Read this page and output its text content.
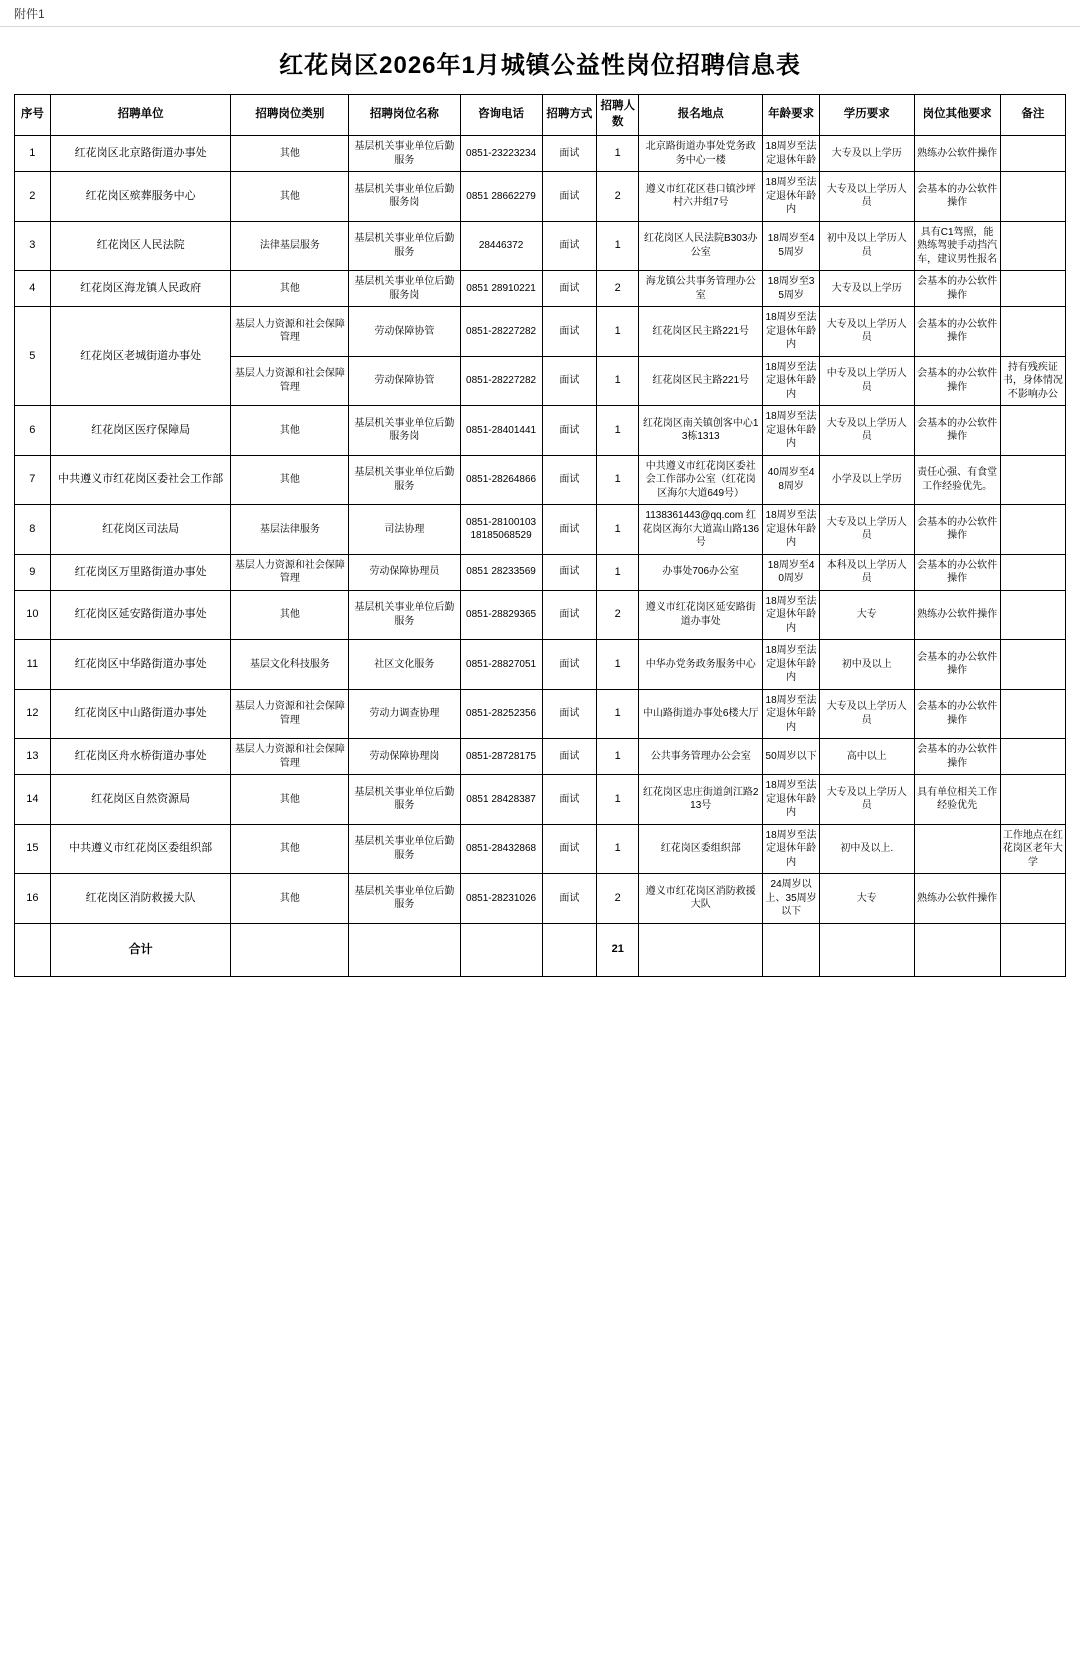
附件1
红花岗区2026年1月城镇公益性岗位招聘信息表
序号	招聘单位	招聘岗位类别	招聘岗位名称	咨询电话	招聘方式	招聘人数	报名地点	年龄要求	学历要求	岗位其他要求	备注
1	红花岗区北京路街道办事处	其他	基层机关事业单位后勤服务	0851-23223234	面试	1	北京路街道办事处党务政务中心一楼	18周岁至法定退休年龄	大专及以上学历	熟练办公软件操作	
2	红花岗区殡葬服务中心	其他	基层机关事业单位后勤服务岗	0851 28662279	面试	2	遵义市红花区巷口镇沙坪村六井组7号	18周岁至法定退休年龄内	大专及以上学历人员	会基本的办公软件操作	
3	红花岗区人民法院	法律基层服务	基层机关事业单位后勤服务	28446372	面试	1	红花岗区人民法院B303办公室	18周岁至45周岁	初中及以上学历人员	具有C1驾照，能熟练驾驶手动挡汽车，建议男性报名	
4	红花岗区海龙镇人民政府	其他	基层机关事业单位后勤服务岗	0851 28910221	面试	2	海龙镇公共事务管理办公室	18周岁至35周岁	大专及以上学历	会基本的办公软件操作	
5	红花岗区老城街道办事处	基层人力资源和社会保障管理	劳动保障协管	0851-28227282	面试	1	红花岗区民主路221号	18周岁至法定退休年龄内	大专及以上学历人员	会基本的办公软件操作	
		基层人力资源和社会保障管理	劳动保障协管	0851-28227282	面试	1	红花岗区民主路221号	18周岁至法定退休年龄内	中专及以上学历人员	会基本的办公软件操作	持有残疾证书，身体情况不影响办公
6	红花岗区医疗保障局	其他	基层机关事业单位后勤服务岗	0851-28401441	面试	1	红花岗区南关镇创客中心13栋1313	18周岁至法定退休年龄内	大专及以上学历人员	会基本的办公软件操作	
7	中共遵义市红花岗区委社会工作部	其他	基层机关事业单位后勤服务	0851-28264866	面试	1	中共遵义市红花岗区委社会工作部办公室（红花岗区海尔大道649号）	40周岁至48周岁	小学及以上学历	责任心强、有食堂工作经验优先。	
8	红花岗区司法局	基层法律服务	司法协理	0851-28100103 18185068529	面试	1	1138361443@qq.com 红花岗区海尔大道嵩山路136号	18周岁至法定退休年龄内	大专及以上学历人员	会基本的办公软件操作	
9	红花岗区万里路街道办事处	基层人力资源和社会保障管理	劳动保障协理员	0851 28233569	面试	1	办事处706办公室	18周岁至40周岁	本科及以上学历人员	会基本的办公软件操作	
10	红花岗区延安路街道办事处	其他	基层机关事业单位后勤服务	0851-28829365	面试	2	遵义市红花岗区延安路街道办事处	18周岁至法定退休年龄内	大专	熟练办公软件操作	
11	红花岗区中华路街道办事处	基层文化科技服务	社区文化服务	0851-28827051	面试	1	中华办党务政务服务中心	18周岁至法定退休年龄内	初中及以上	会基本的办公软件操作	
12	红花岗区中山路街道办事处	基层人力资源和社会保障管理	劳动力调查协理	0851-28252356	面试	1	中山路街道办事处6楼大厅	18周岁至法定退休年龄内	大专及以上学历人员	会基本的办公软件操作	
13	红花岗区舟水桥街道办事处	基层人力资源和社会保障管理	劳动保障协理岗	0851-28728175	面试	1	公共事务管理办公会室	50周岁以下	高中以上	会基本的办公软件操作	
14	红花岗区自然资源局	其他	基层机关事业单位后勤服务	0851 28428387	面试	1	红花岗区忠庄街道剑江路213号	18周岁至法定退休年龄内	大专及以上学历人员	具有单位相关工作经验优先	
15	中共遵义市红花岗区委组织部	其他	基层机关事业单位后勤服务	0851-28432868	面试	1	红花岗区委组织部	18周岁至法定退休年龄内	初中及以上.		工作地点在红花岗区老年大学
16	红花岗区消防救援大队	其他	基层机关事业单位后勤服务	0851-28231026	面试	2	遵义市红花岗区消防救援大队	24周岁以上、35周岁以下	大专	熟练办公软件操作	
	合计					21					
